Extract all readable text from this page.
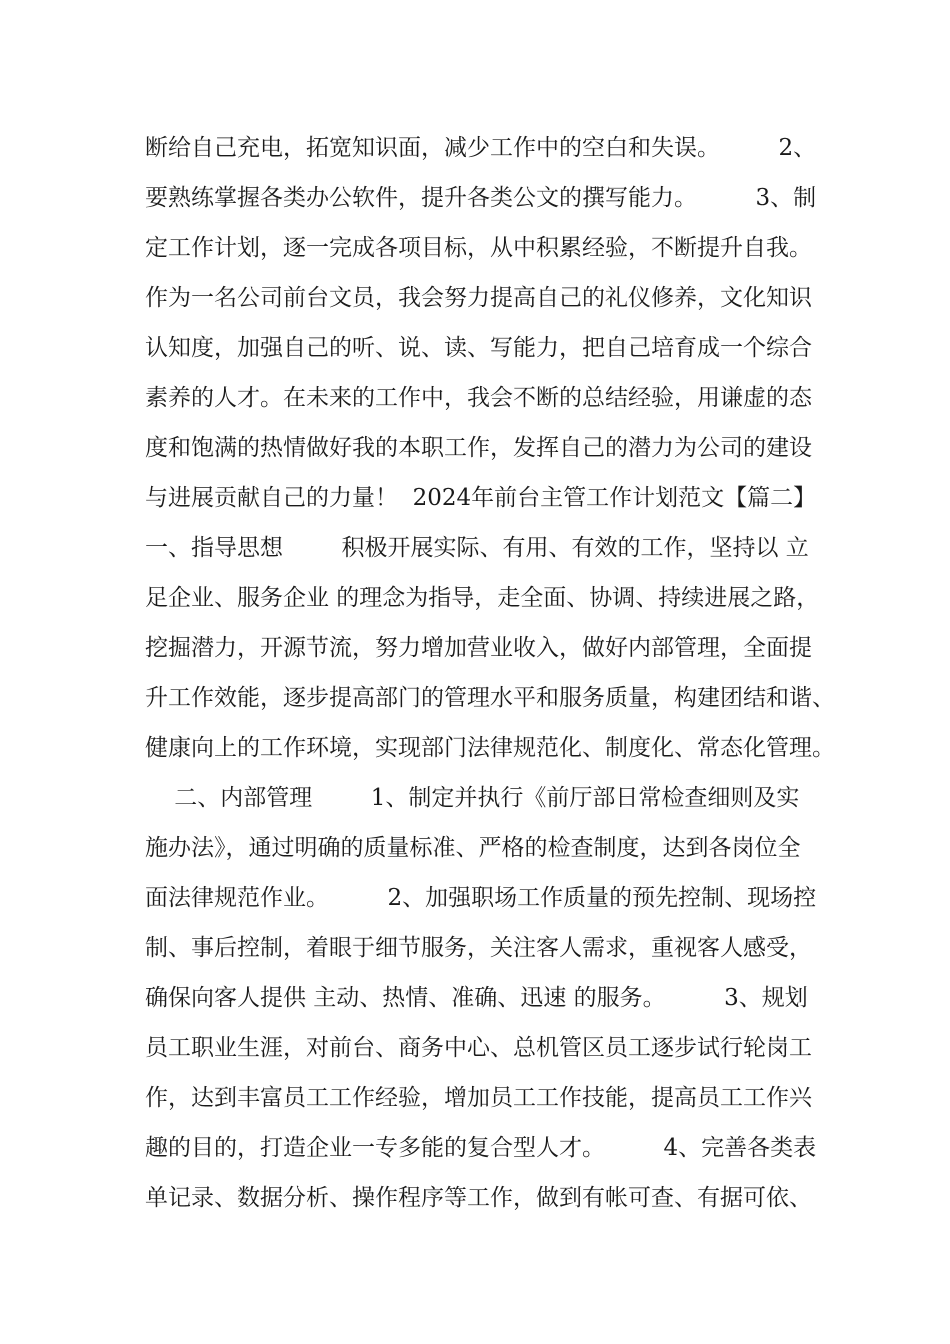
断给自己充电，拓宽知识面，减少工作中的空白和失误。        2、
要熟练掌握各类办公软件，提升各类公文的撰写能力。        3、制
定工作计划，逐一完成各项目标，从中积累经验，不断提升自我。
作为一名公司前台文员，我会努力提高自己的礼仪修养，文化知识
认知度，加强自己的听、说、读、写能力，把自己培育成一个综合
素养的人才。在未来的工作中，我会不断的总结经验，用谦虚的态
度和饱满的热情做好我的本职工作，发挥自己的潜力为公司的建设
与进展贡献自己的力量！  2024年前台主管工作计划范文【篇二】
一、指导思想        积极开展实际、有用、有效的工作，坚持以 立
足企业、服务企业 的理念为指导，走全面、协调、持续进展之路，
挖掘潜力，开源节流，努力增加营业收入，做好内部管理，全面提
升工作效能，逐步提高部门的管理水平和服务质量，构建团结和谐、
健康向上的工作环境，实现部门法律规范化、制度化、常态化管理。
二、内部管理        1、制定并执行《前厅部日常检查细则及实
施办法》，通过明确的质量标准、严格的检查制度，达到各岗位全
面法律规范作业。        2、加强职场工作质量的预先控制、现场控
制、事后控制，着眼于细节服务，关注客人需求，重视客人感受，
确保向客人提供 主动、热情、准确、迅速 的服务。        3、规划
员工职业生涯，对前台、商务中心、总机管区员工逐步试行轮岗工
作，达到丰富员工工作经验，增加员工工作技能，提高员工工作兴
趣的目的，打造企业一专多能的复合型人才。        4、完善各类表
单记录、数据分析、操作程序等工作，做到有帐可查、有据可依、
